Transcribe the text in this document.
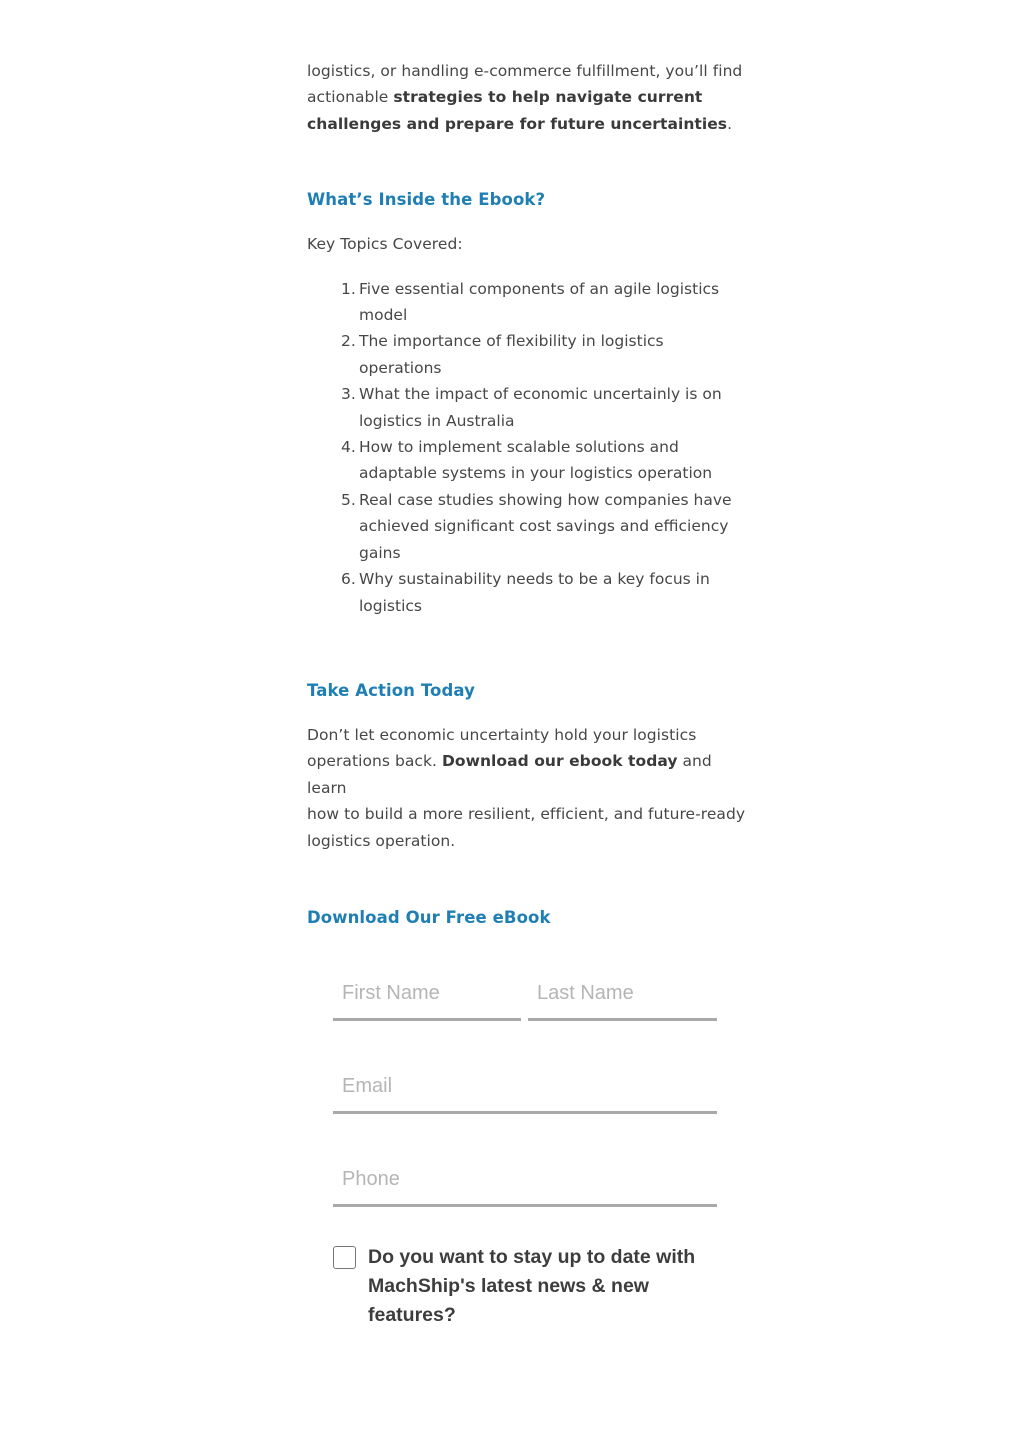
logistics, or handling e-commerce fulfillment, you’ll find
actionable strategies to help navigate current
challenges and prepare for future uncertainties.

What’s Inside the Ebook?

Key Topics Covered:

1. Five essential components of an agile logistics
model
2. The importance of flexibility in logistics
operations
3. What the impact of economic uncertainly is on
logistics in Australia
4. How to implement scalable solutions and
adaptable systems in your logistics operation
5. Real case studies showing how companies have
achieved significant cost savings and efficiency
gains
6. Why sustainability needs to be a key focus in
logistics
Take Action Today

Don’t let economic uncertainty hold your logistics
operations back. Download our ebook today and learn
how to build a more resilient, efficient, and future-ready
logistics operation.

Download Our Free eBook
First Name
Last Name
Email
Phone
Do you want to stay up to date with
MachShip's latest news & new
features?
